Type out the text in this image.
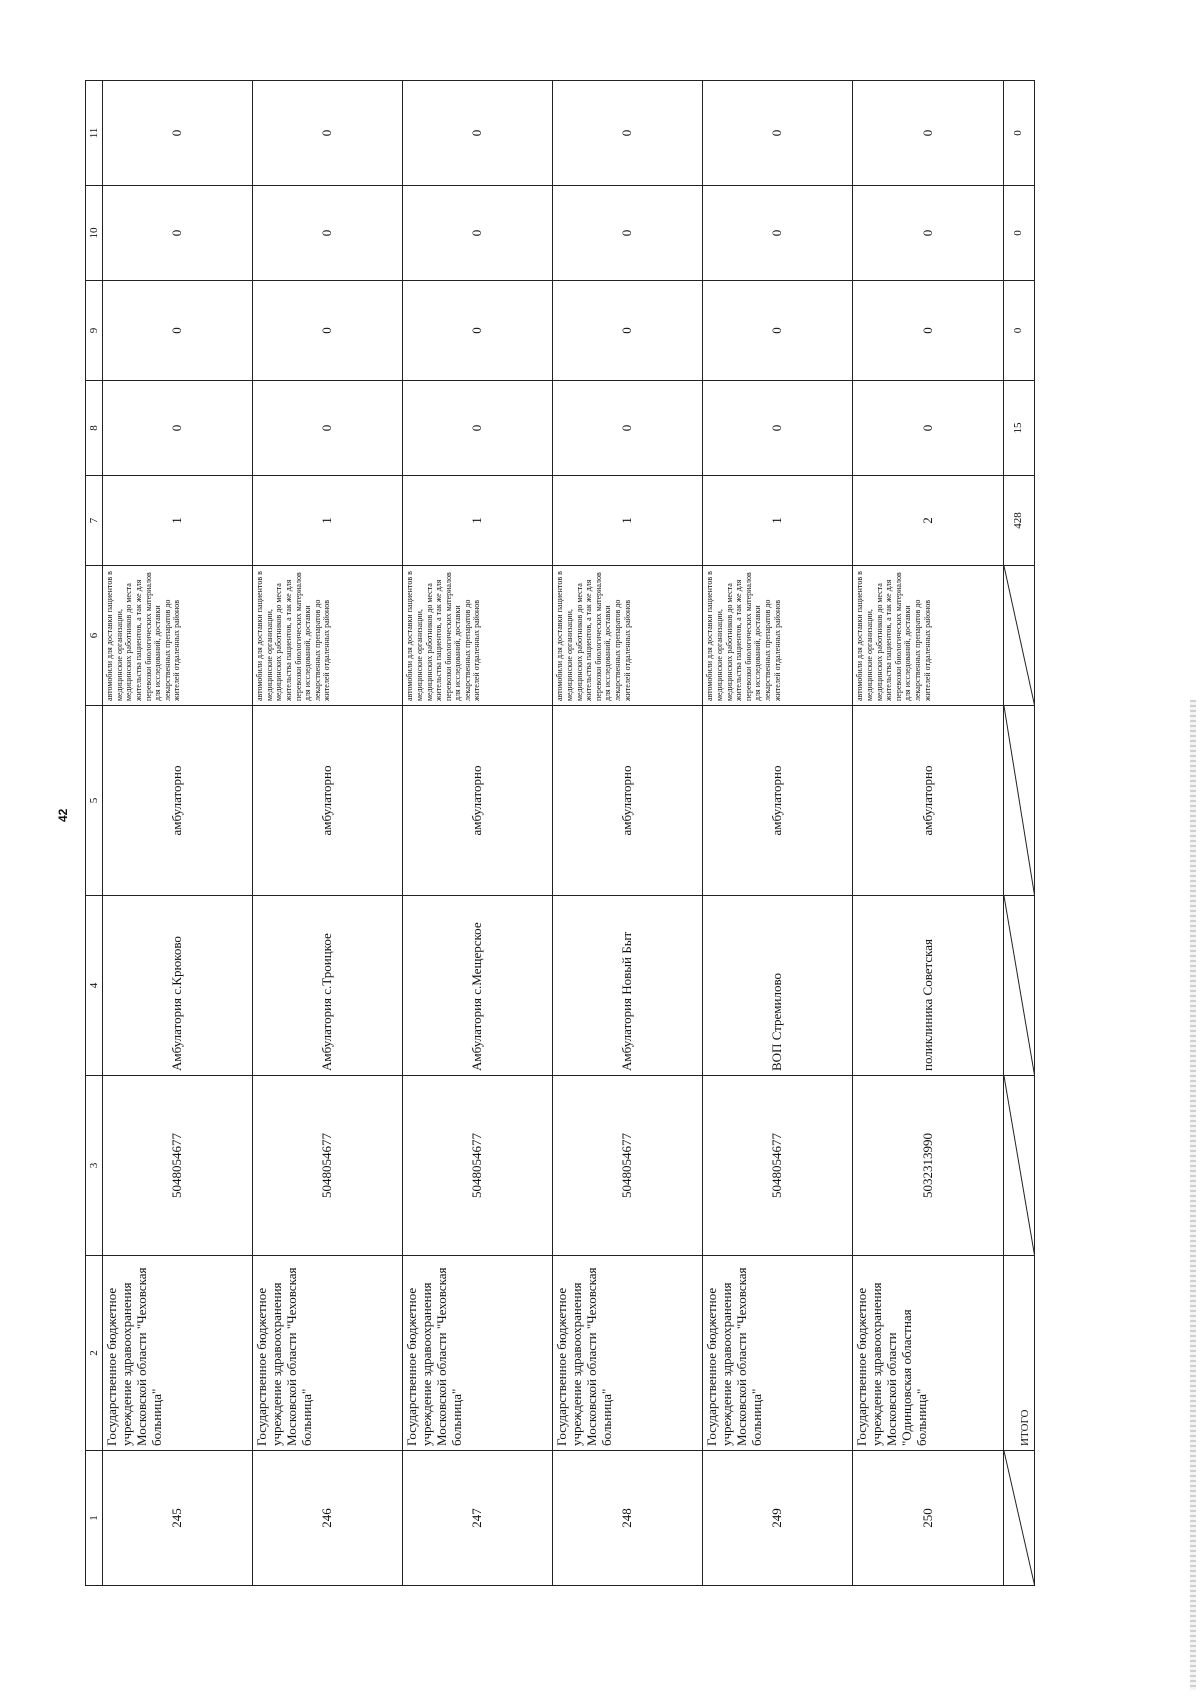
42
1	2	3	4	5	6	7	8	9	10	11
245	Государственное бюджетное учреждение здравоохранения Московской области "Чеховская больница"	5048054677	Амбулатория с.Крюково	амбулаторно	автомобили для доставки пациентов в медицинские организации, медицинских работников до места жительства пациентов, а так же для перевозки биологических материалов для исследований, доставки лекарственных препаратов до жителей отдаленных районов	1	0	0	0	0
246	Государственное бюджетное учреждение здравоохранения Московской области "Чеховская больница"	5048054677	Амбулатория с.Троицкое	амбулаторно	автомобили для доставки пациентов в медицинские организации, медицинских работников до места жительства пациентов, а так же для перевозки биологических материалов для исследований, доставки лекарственных препаратов до жителей отдаленных районов	1	0	0	0	0
247	Государственное бюджетное учреждение здравоохранения Московской области "Чеховская больница"	5048054677	Амбулатория с.Мещерское	амбулаторно	автомобили для доставки пациентов в медицинские организации, медицинских работников до места жительства пациентов, а так же для перевозки биологических материалов для исследований, доставки лекарственных препаратов до жителей отдаленных районов	1	0	0	0	0
248	Государственное бюджетное учреждение здравоохранения Московской области "Чеховская больница"	5048054677	Амбулатория Новый Быт	амбулаторно	автомобили для доставки пациентов в медицинские организации, медицинских работников до места жительства пациентов, а так же для перевозки биологических материалов для исследований, доставки лекарственных препаратов до жителей отдаленных районов	1	0	0	0	0
249	Государственное бюджетное учреждение здравоохранения Московской области "Чеховская больница"	5048054677	ВОП Стремилово	амбулаторно	автомобили для доставки пациентов в медицинские организации, медицинских работников до места жительства пациентов, а так же для перевозки биологических материалов для исследований, доставки лекарственных препаратов до жителей отдаленных районов	1	0	0	0	0
250	Государственное бюджетное учреждение здравоохранения Московской области "Одинцовская областная больница"	5032313990	поликлиника Советская	амбулаторно	автомобили для доставки пациентов в медицинские организации, медицинских работников до места жительства пациентов, а так же для перевозки биологических материалов для исследований, доставки лекарственных препаратов до жителей отдаленных районов	2	0	0	0	0

	ИТОГО					428	15	0	0	0
